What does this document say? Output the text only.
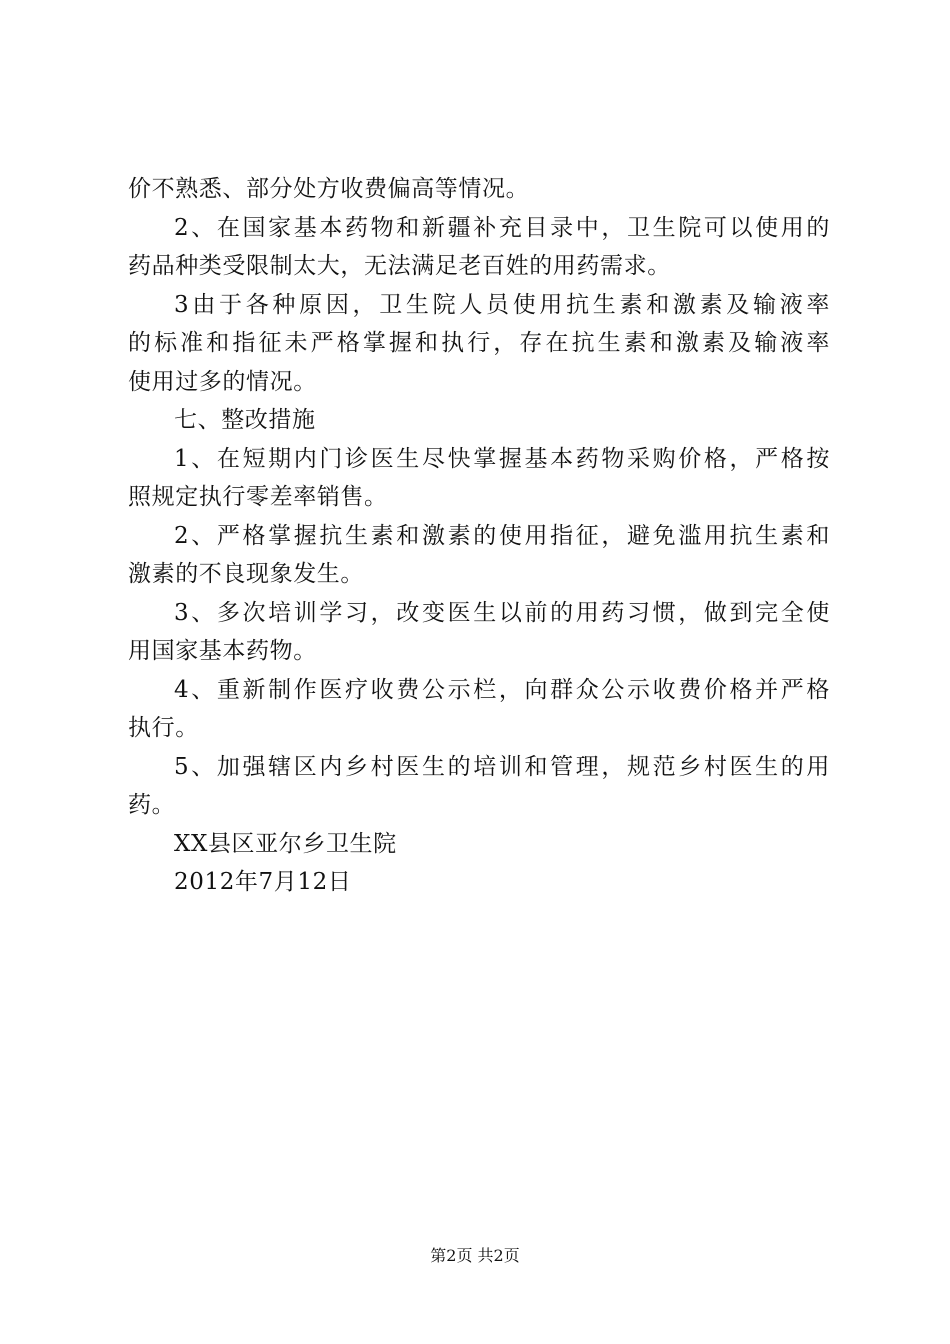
价不熟悉、部分处方收费偏高等情况。
2、在国家基本药物和新疆补充目录中，卫生院可以使用的
药品种类受限制太大，无法满足老百姓的用药需求。
3由于各种原因，卫生院人员使用抗生素和激素及输液率
的标准和指征未严格掌握和执行，存在抗生素和激素及输液率
使用过多的情况。
七、整改措施
1、在短期内门诊医生尽快掌握基本药物采购价格，严格按
照规定执行零差率销售。
2、严格掌握抗生素和激素的使用指征，避免滥用抗生素和
激素的不良现象发生。
3、多次培训学习，改变医生以前的用药习惯，做到完全使
用国家基本药物。
4、重新制作医疗收费公示栏，向群众公示收费价格并严格
执行。
5、加强辖区内乡村医生的培训和管理，规范乡村医生的用
药。
XX县区亚尔乡卫生院
2012年7月12日
第2页 共2页
